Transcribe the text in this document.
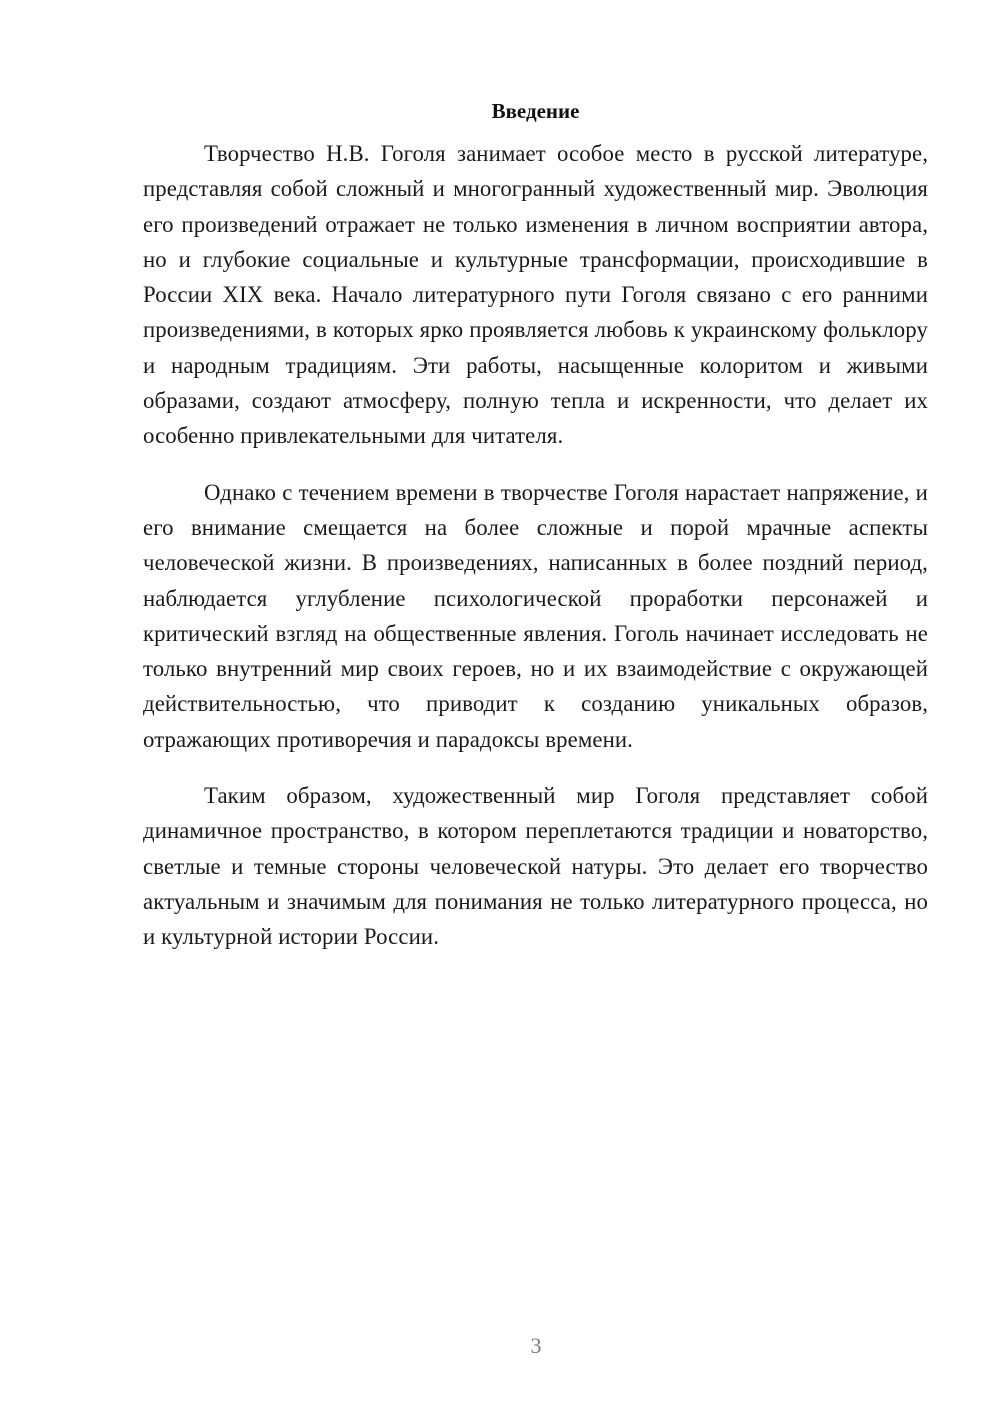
Введение

Творчество Н.В. Гоголя занимает особое место в русской литературе, представляя собой сложный и многогранный художественный мир. Эволюция его произведений отражает не только изменения в личном восприятии автора, но и глубокие социальные и культурные трансформации, происходившие в России XIX века. Начало литературного пути Гоголя связано с его ранними произведениями, в которых ярко проявляется любовь к украинскому фольклору и народным традициям. Эти работы, насыщенные колоритом и живыми образами, создают атмосферу, полную тепла и искренности, что делает их особенно привлекательными для читателя.

Однако с течением времени в творчестве Гоголя нарастает напряжение, и его внимание смещается на более сложные и порой мрачные аспекты человеческой жизни. В произведениях, написанных в более поздний период, наблюдается углубление психологической проработки персонажей и критический взгляд на общественные явления. Гоголь начинает исследовать не только внутренний мир своих героев, но и их взаимодействие с окружающей действительностью, что приводит к созданию уникальных образов, отражающих противоречия и парадоксы времени.

Таким образом, художественный мир Гоголя представляет собой динамичное пространство, в котором переплетаются традиции и новаторство, светлые и темные стороны человеческой натуры. Это делает его творчество актуальным и значимым для понимания не только литературного процесса, но и культурной истории России.

3
